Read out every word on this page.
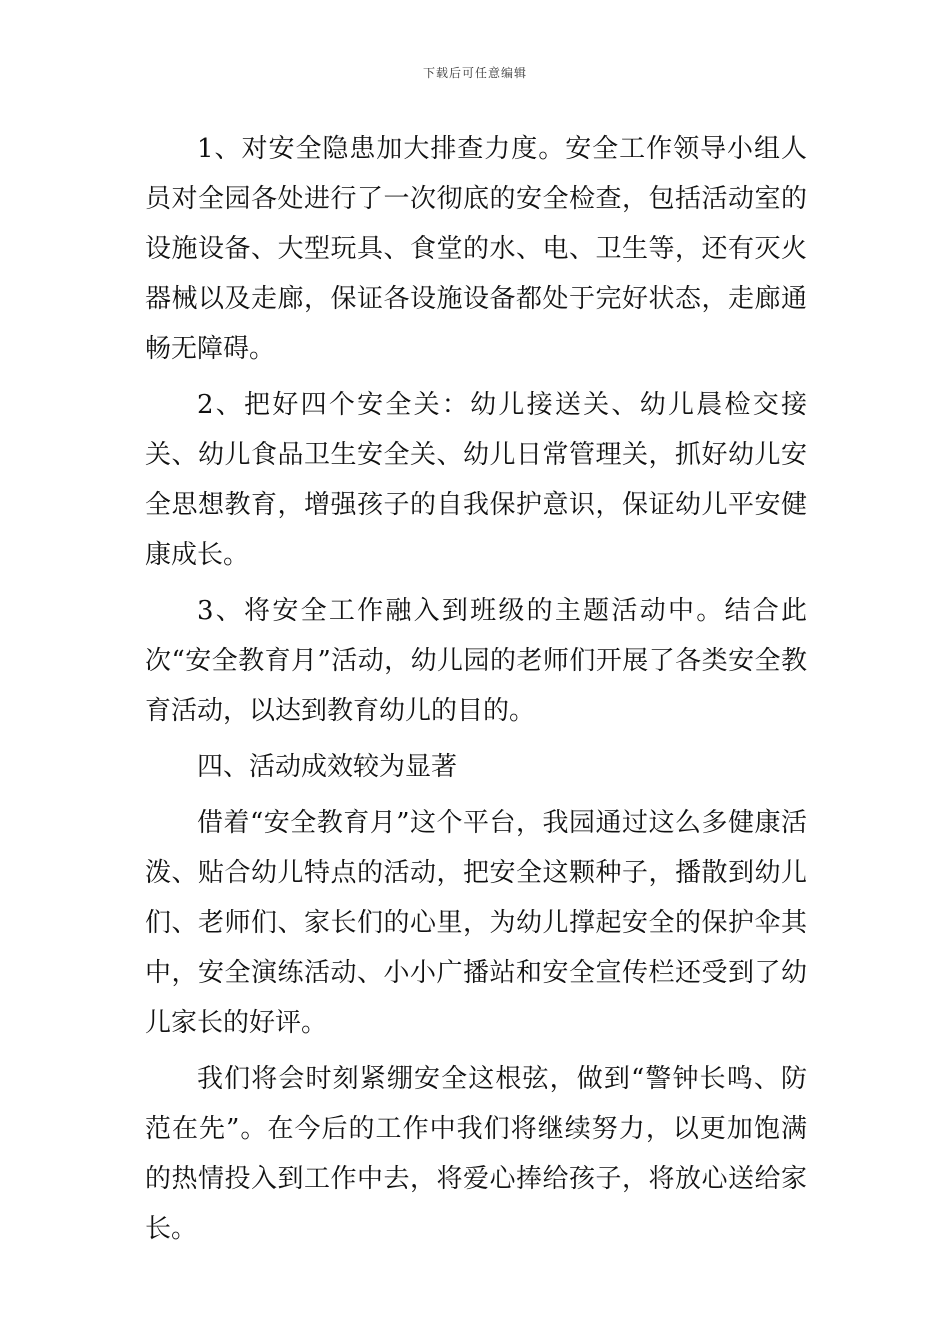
下载后可任意编辑

1、对安全隐患加大排查力度。安全工作领导小组人员对全园各处进行了一次彻底的安全检查，包括活动室的设施设备、大型玩具、食堂的水、电、卫生等，还有灭火器械以及走廊，保证各设施设备都处于完好状态，走廊通畅无障碍。

2、把好四个安全关：幼儿接送关、幼儿晨检交接关、幼儿食品卫生安全关、幼儿日常管理关，抓好幼儿安全思想教育，增强孩子的自我保护意识，保证幼儿平安健康成长。

3、将安全工作融入到班级的主题活动中。结合此次“安全教育月”活动，幼儿园的老师们开展了各类安全教育活动，以达到教育幼儿的目的。

四、活动成效较为显著

借着“安全教育月”这个平台，我园通过这么多健康活泼、贴合幼儿特点的活动，把安全这颗种子，播散到幼儿们、老师们、家长们的心里，为幼儿撑起安全的保护伞其中，安全演练活动、小小广播站和安全宣传栏还受到了幼儿家长的好评。

我们将会时刻紧绷安全这根弦，做到“警钟长鸣、防范在先”。在今后的工作中我们将继续努力，以更加饱满的热情投入到工作中去，将爱心捧给孩子，将放心送给家长。
